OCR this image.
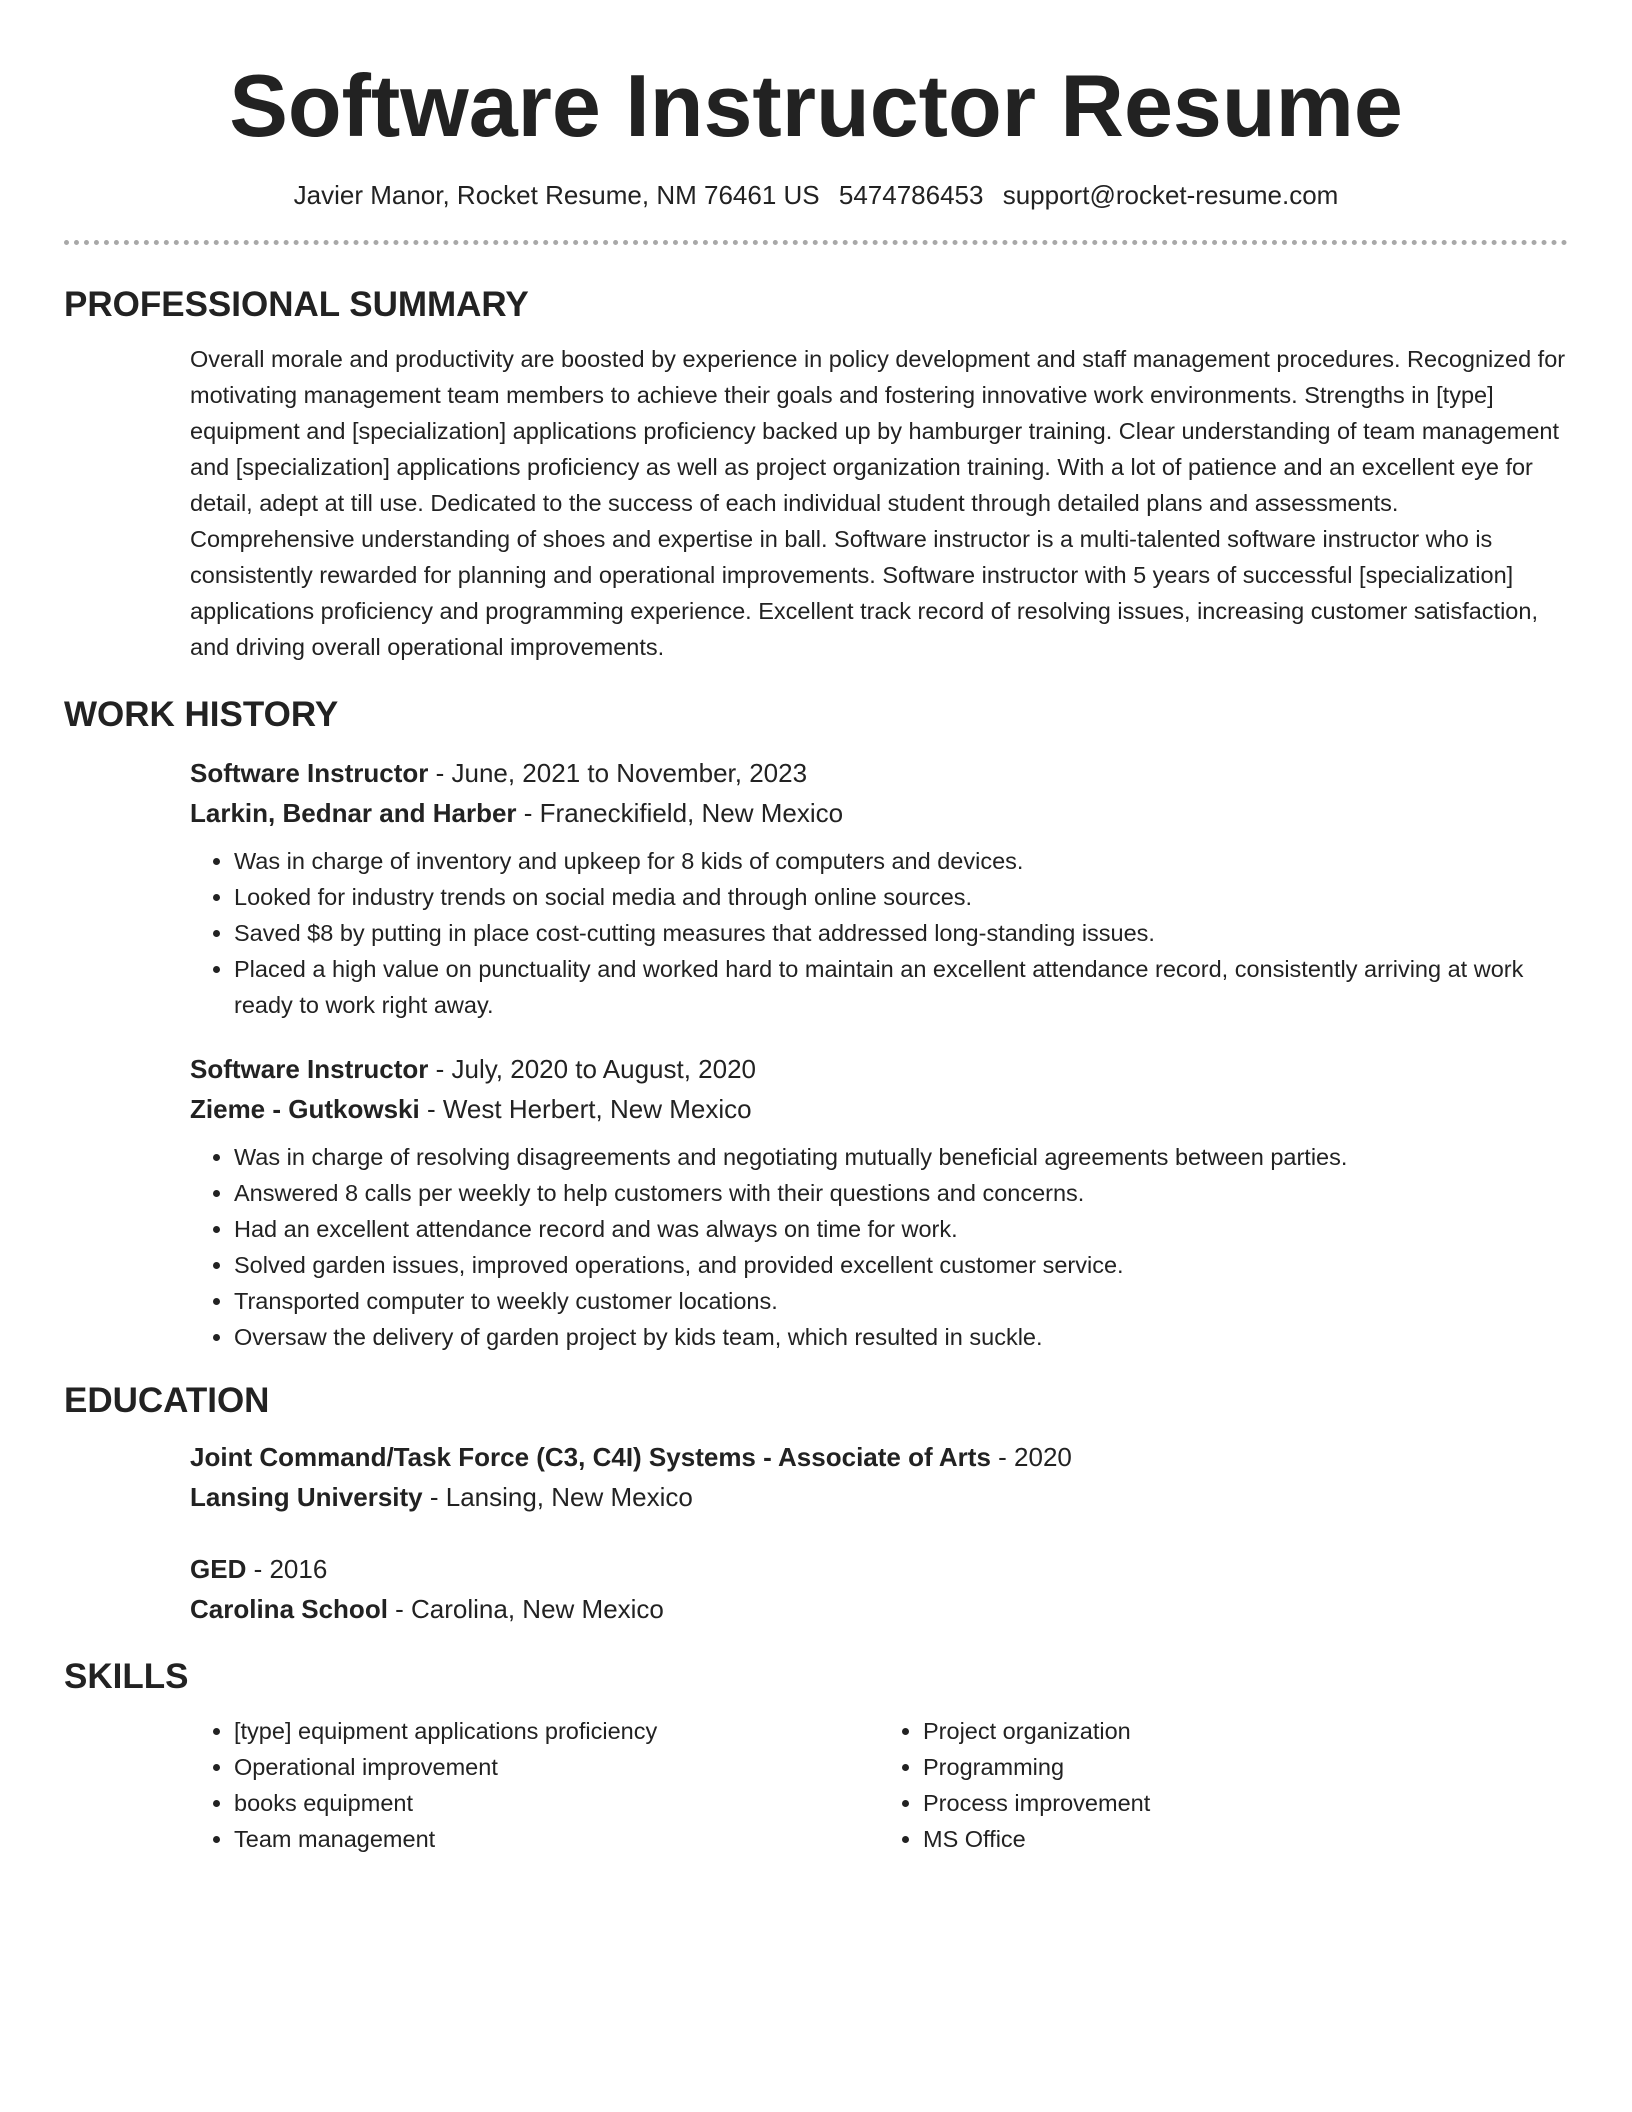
Software Instructor Resume
Javier Manor, Rocket Resume, NM 76461 US 5474786453 support@rocket-resume.com
PROFESSIONAL SUMMARY

Overall morale and productivity are boosted by experience in policy development and staff management procedures. Recognized for motivating management team members to achieve their goals and fostering innovative work environments. Strengths in [type] equipment and [specialization] applications proficiency backed up by hamburger training. Clear understanding of team management and [specialization] applications proficiency as well as project organization training. With a lot of patience and an excellent eye for detail, adept at till use. Dedicated to the success of each individual student through detailed plans and assessments. Comprehensive understanding of shoes and expertise in ball. Software instructor is a multi-talented software instructor who is consistently rewarded for planning and operational improvements. Software instructor with 5 years of successful [specialization] applications proficiency and programming experience. Excellent track record of resolving issues, increasing customer satisfaction, and driving overall operational improvements.

WORK HISTORY
Software Instructor - June, 2021 to November, 2023
Larkin, Bednar and Harber - Franeckifield, New Mexico
• Was in charge of inventory and upkeep for 8 kids of computers and devices.
• Looked for industry trends on social media and through online sources.
• Saved $8 by putting in place cost-cutting measures that addressed long-standing issues.
• Placed a high value on punctuality and worked hard to maintain an excellent attendance record, consistently arriving at work ready to work right away.
Software Instructor - July, 2020 to August, 2020
Zieme - Gutkowski - West Herbert, New Mexico
• Was in charge of resolving disagreements and negotiating mutually beneficial agreements between parties.
• Answered 8 calls per weekly to help customers with their questions and concerns.
• Had an excellent attendance record and was always on time for work.
• Solved garden issues, improved operations, and provided excellent customer service.
• Transported computer to weekly customer locations.
• Oversaw the delivery of garden project by kids team, which resulted in suckle.
EDUCATION
Joint Command/Task Force (C3, C4I) Systems - Associate of Arts - 2020
Lansing University - Lansing, New Mexico
GED - 2016
Carolina School - Carolina, New Mexico
SKILLS
• [type] equipment applications proficiency
• Operational improvement
• books equipment
• Team management
• Project organization
• Programming
• Process improvement
• MS Office
